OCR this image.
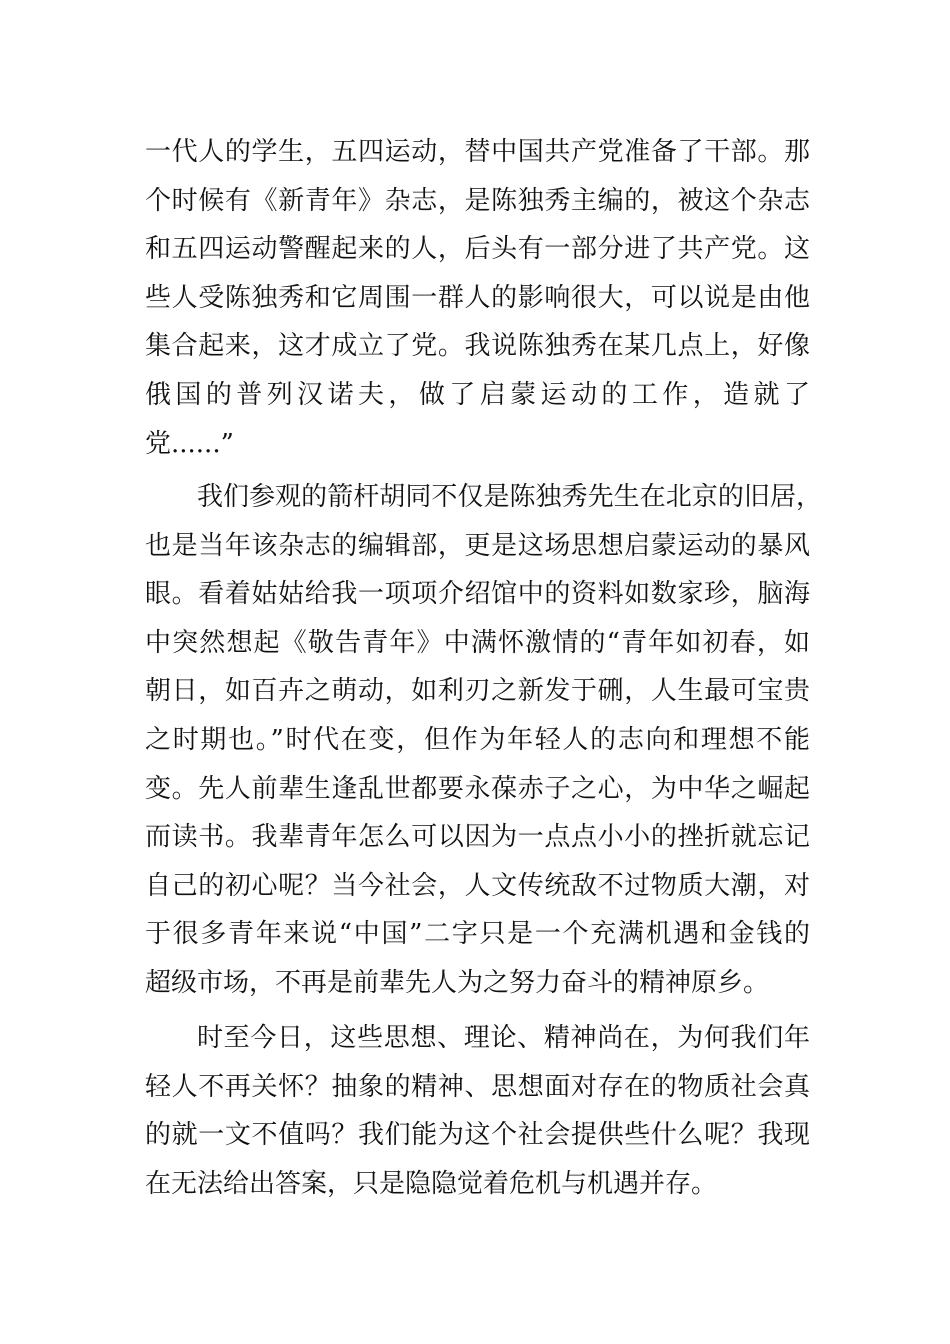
一代人的学生，五四运动，替中国共产党准备了干部。那
个时候有《新青年》杂志，是陈独秀主编的，被这个杂志
和五四运动警醒起来的人，后头有一部分进了共产党。这
些人受陈独秀和它周围一群人的影响很大，可以说是由他
集合起来，这才成立了党。我说陈独秀在某几点上，好像
俄国的普列汉诺夫，做了启蒙运动的工作，造就了
党......”
我们参观的箭杆胡同不仅是陈独秀先生在北京的旧居，
也是当年该杂志的编辑部，更是这场思想启蒙运动的暴风
眼。看着姑姑给我一项项介绍馆中的资料如数家珍，脑海
中突然想起《敬告青年》中满怀激情的“青年如初春，如
朝日，如百卉之萌动，如利刃之新发于硎，人生最可宝贵
之时期也。”时代在变，但作为年轻人的志向和理想不能
变。先人前辈生逢乱世都要永葆赤子之心，为中华之崛起
而读书。我辈青年怎么可以因为一点点小小的挫折就忘记
自己的初心呢？当今社会，人文传统敌不过物质大潮，对
于很多青年来说“中国”二字只是一个充满机遇和金钱的
超级市场，不再是前辈先人为之努力奋斗的精神原乡。
时至今日，这些思想、理论、精神尚在，为何我们年
轻人不再关怀？抽象的精神、思想面对存在的物质社会真
的就一文不值吗？我们能为这个社会提供些什么呢？我现
在无法给出答案，只是隐隐觉着危机与机遇并存。
